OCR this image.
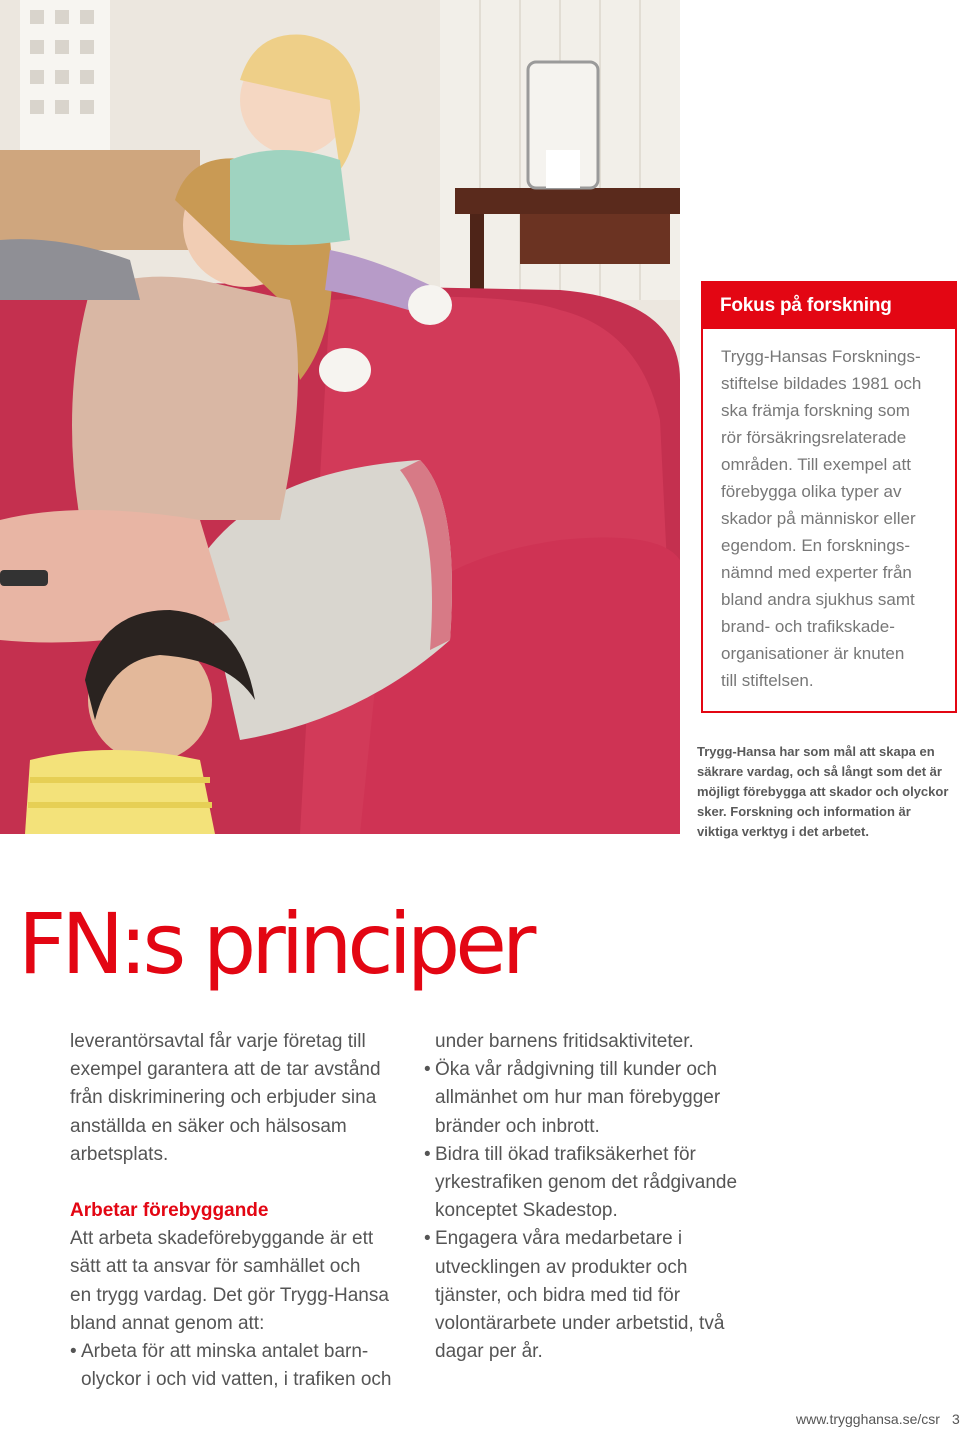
Fokus på forskning
Trygg-Hansas Forsknings-
stiftelse bildades 1981 och
ska främja forskning som
rör försäkringsrelaterade
områden. Till exempel att
förebygga olika typer av
skador på människor eller
egendom. En forsknings-
nämnd med experter från
bland andra sjukhus samt
brand- och trafikskade-
organisationer är knuten
till stiftelsen.
Trygg-Hansa har som mål att skapa en
säkrare vardag, och så långt som det är
möjligt förebygga att skador och olyckor
sker. Forskning och information är
viktiga verktyg i det arbetet.
FN:s principer

leverantörsavtal får varje företag till

exempel garantera att de tar avstånd

från diskriminering och erbjuder sina

anställda en säker och hälsosam

arbetsplats.

Arbetar förebyggande

Att arbeta skadeförebyggande är ett

sätt att ta ansvar för samhället och

en trygg vardag. Det gör Trygg-Hansa

bland annat genom att:

• Arbeta för att minska antalet barn-

olyckor i och vid vatten, i trafiken och

under barnens fritidsaktiviteter.

• Öka vår rådgivning till kunder och

allmänhet om hur man förebygger

bränder och inbrott.

• Bidra till ökad trafiksäkerhet för

yrkestrafiken genom det rådgivande

konceptet Skadestop.

• Engagera våra medarbetare i

utvecklingen av produkter och

tjänster, och bidra med tid för

volontärarbete under arbetstid, två

dagar per år.

www.trygghansa.se/csr 3
